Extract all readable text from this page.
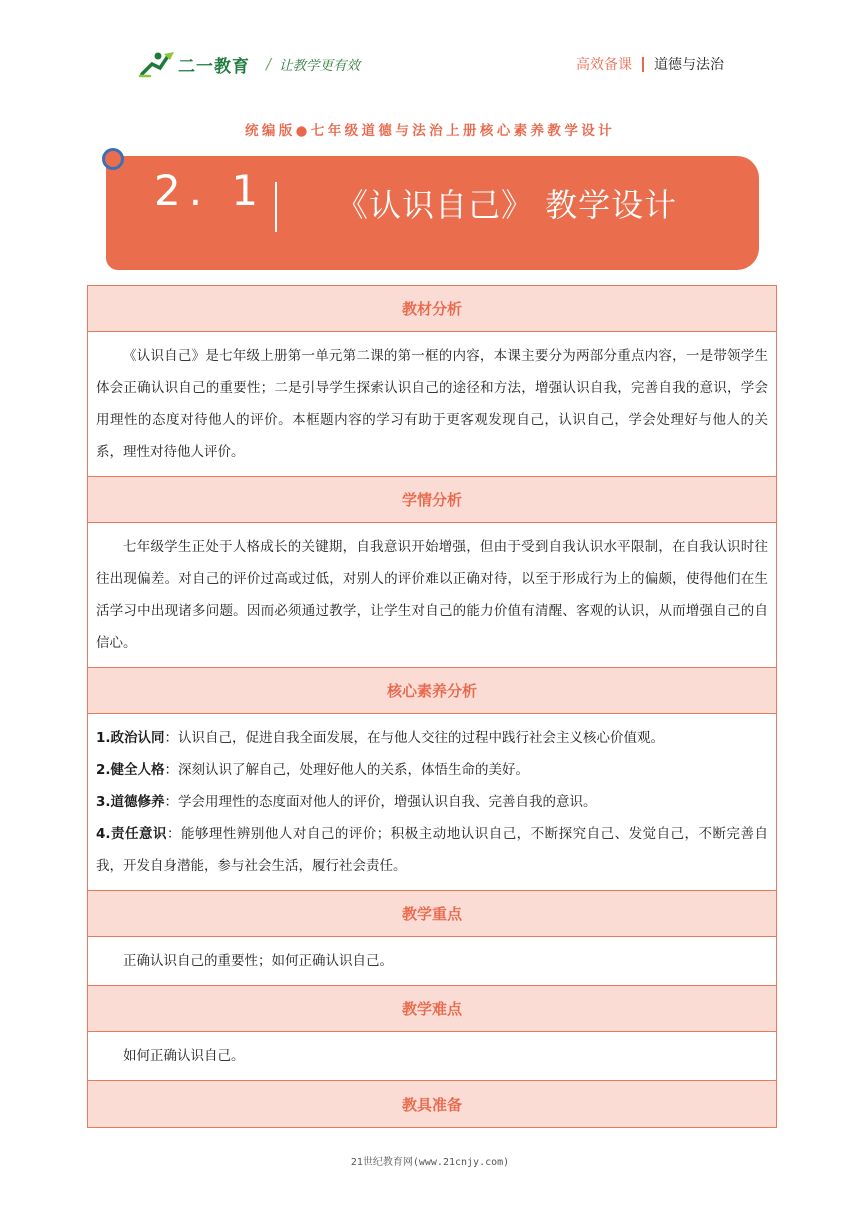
二一教育 / 让教学更有效	高效备课 道德与法治
统编版●七年级道德与法治上册核心素养教学设计
2. 1 《认识自己》 教学设计
教材分析
《认识自己》是七年级上册第一单元第二课的第一框的内容，本课主要分为两部分重点内容，一是带领学生体会正确认识自己的重要性；二是引导学生探索认识自己的途径和方法，增强认识自我，完善自我的意识，学会用理性的态度对待他人的评价。本框题内容的学习有助于更客观发现自己，认识自己，学会处理好与他人的关系，理性对待他人评价。
学情分析
七年级学生正处于人格成长的关键期，自我意识开始增强，但由于受到自我认识水平限制，在自我认识时往往出现偏差。对自己的评价过高或过低，对别人的评价难以正确对待，以至于形成行为上的偏颇，使得他们在生活学习中出现诸多问题。因而必须通过教学，让学生对自己的能力价值有清醒、客观的认识，从而增强自己的自信心。
核心素养分析
1.政治认同：认识自己，促进自我全面发展，在与他人交往的过程中践行社会主义核心价值观。
2.健全人格：深刻认识了解自己，处理好他人的关系，体悟生命的美好。
3.道德修养：学会用理性的态度面对他人的评价，增强认识自我、完善自我的意识。
4.责任意识：能够理性辨别他人对自己的评价；积极主动地认识自己，不断探究自己、发觉自己，不断完善自我，开发自身潜能，参与社会生活，履行社会责任。
教学重点
正确认识自己的重要性；如何正确认识自己。
教学难点
如何正确认识自己。
教具准备
21世纪教育网(www.21cnjy.com)
